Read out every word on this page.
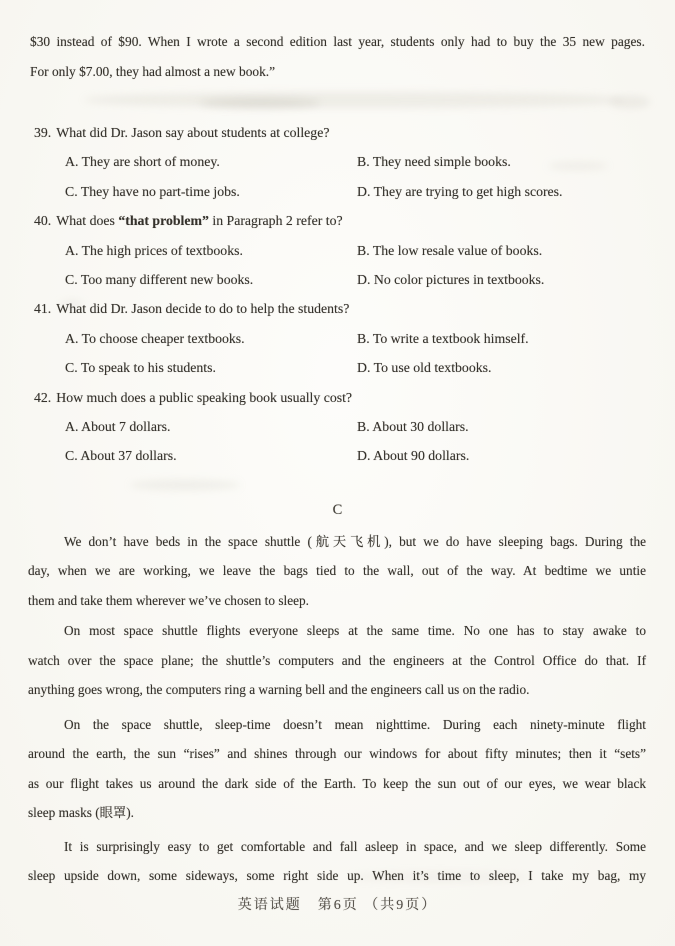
$30 instead of $90. When I wrote a second edition last year, students only had to buy the 35 new pages.
For only $7.00, they had almost a new book.”
39. What did Dr. Jason say about students at college?
A. They are short of money.	B. They need simple books.
C. They have no part-time jobs.	D. They are trying to get high scores.
40. What does “that problem” in Paragraph 2 refer to?
A. The high prices of textbooks.	B. The low resale value of books.
C. Too many different new books.	D. No color pictures in textbooks.
41. What did Dr. Jason decide to do to help the students?
A. To choose cheaper textbooks.	B. To write a textbook himself.
C. To speak to his students.	D. To use old textbooks.
42. How much does a public speaking book usually cost?
A. About 7 dollars.	B. About 30 dollars.
C. About 37 dollars.	D. About 90 dollars.
C
We don’t have beds in the space shuttle (航天飞机), but we do have sleeping bags. During the
day, when we are working, we leave the bags tied to the wall, out of the way. At bedtime we untie
them and take them wherever we’ve chosen to sleep.
On most space shuttle flights everyone sleeps at the same time. No one has to stay awake to
watch over the space plane; the shuttle’s computers and the engineers at the Control Office do that. If
anything goes wrong, the computers ring a warning bell and the engineers call us on the radio.
On the space shuttle, sleep-time doesn’t mean nighttime. During each ninety-minute flight
around the earth, the sun “rises” and shines through our windows for about fifty minutes; then it “sets”
as our flight takes us around the dark side of the Earth. To keep the sun out of our eyes, we wear black
sleep masks (眼罩).
It is surprisingly easy to get comfortable and fall asleep in space, and we sleep differently. Some
sleep upside down, some sideways, some right side up. When it’s time to sleep, I take my bag, my
英语试题　第6页 （共9页）
